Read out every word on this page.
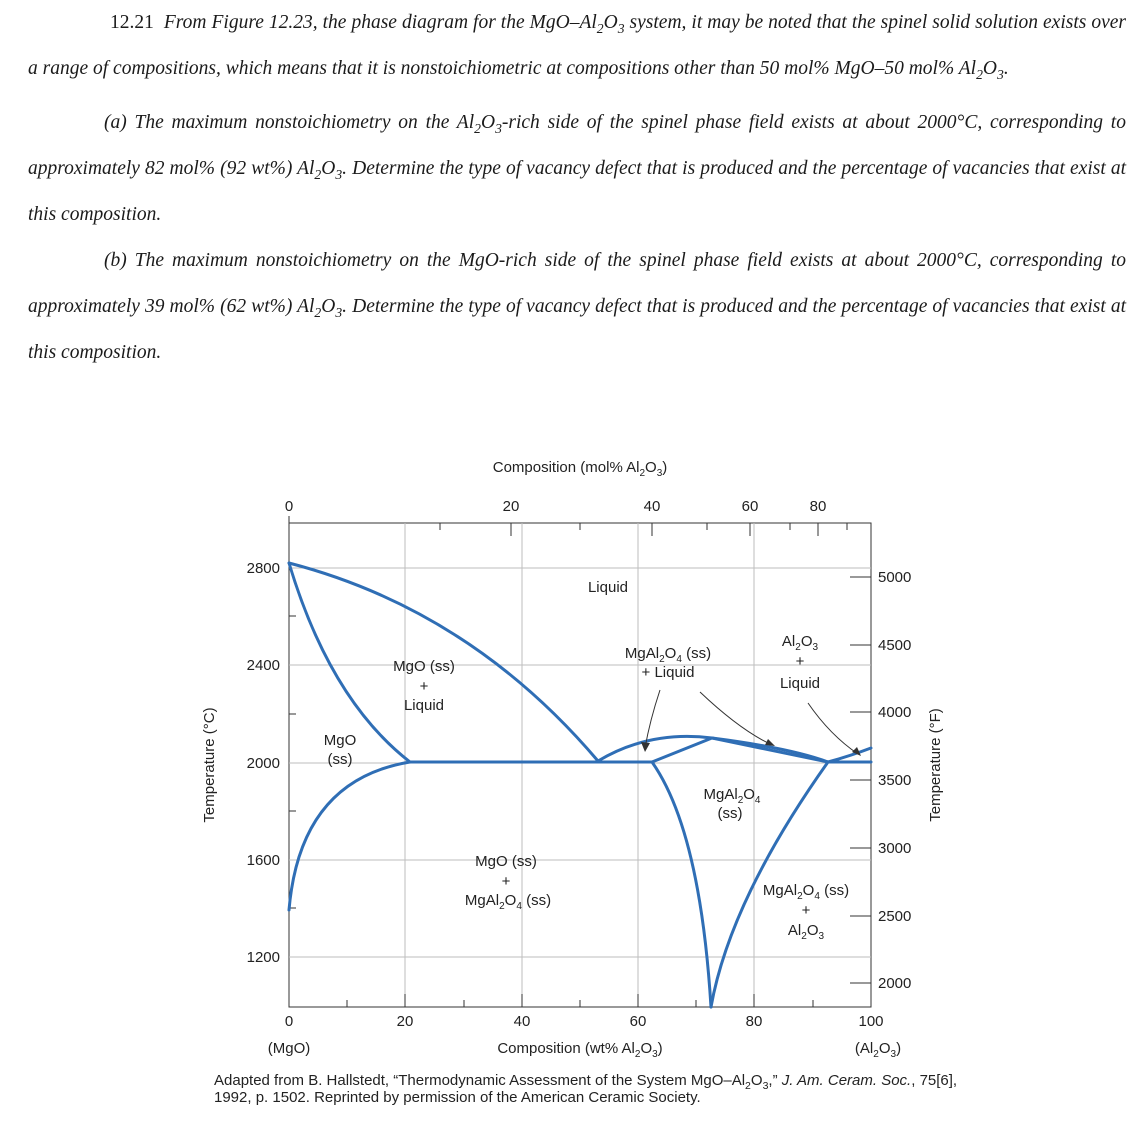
12.21 From Figure 12.23, the phase diagram for the MgO–$Al_2O_3$ system, it may be noted that the spinel solid solution exists over a range of compositions, which means that it is nonstoichiometric at compositions other than 50 mol% MgO–50 mol% $Al_2O_3$.

(a) The maximum nonstoichiometry on the $Al_2O_3$-rich side of the spinel phase field exists at about 2000°C, corresponding to approximately 82 mol% (92 wt%) $Al_2O_3$. Determine the type of vacancy defect that is produced and the percentage of vacancies that exist at this composition.

(b) The maximum nonstoichiometry on the MgO-rich side of the spinel phase field exists at about 2000°C, corresponding to approximately 39 mol% (62 wt%) $Al_2O_3$. Determine the type of vacancy defect that is produced and the percentage of vacancies that exist at this composition.

Composition (mol% $Al_2O_3$)
0	20	40	60	80
0	20	40	60	80	100
(MgO)	$(Al_2O_3)$
Composition (wt% $Al_2O_3$)
2800
2400
2000
1600
1200
Temperature (°C)
5000
4500
4000
3500
3000
2500
2000
Temperature (°F)
Liquid
MgO (ss)
+
Liquid
MgO
(ss)
$MgAl_2O_4$ (ss)
+ Liquid
$Al_2O_3$
+
Liquid
$MgAl_2O_4$
(ss)
MgO (ss)
+
$MgAl_2O_4$ (ss)
$MgAl_2O_4$ (ss)
+
$Al_2O_3$
Adapted from B. Hallstedt, “Thermodynamic Assessment of the System MgO–$Al_2O_3$,” J. Am. Ceram. Soc., 75[6], 1992, p. 1502. Reprinted by permission of the American Ceramic Society.
